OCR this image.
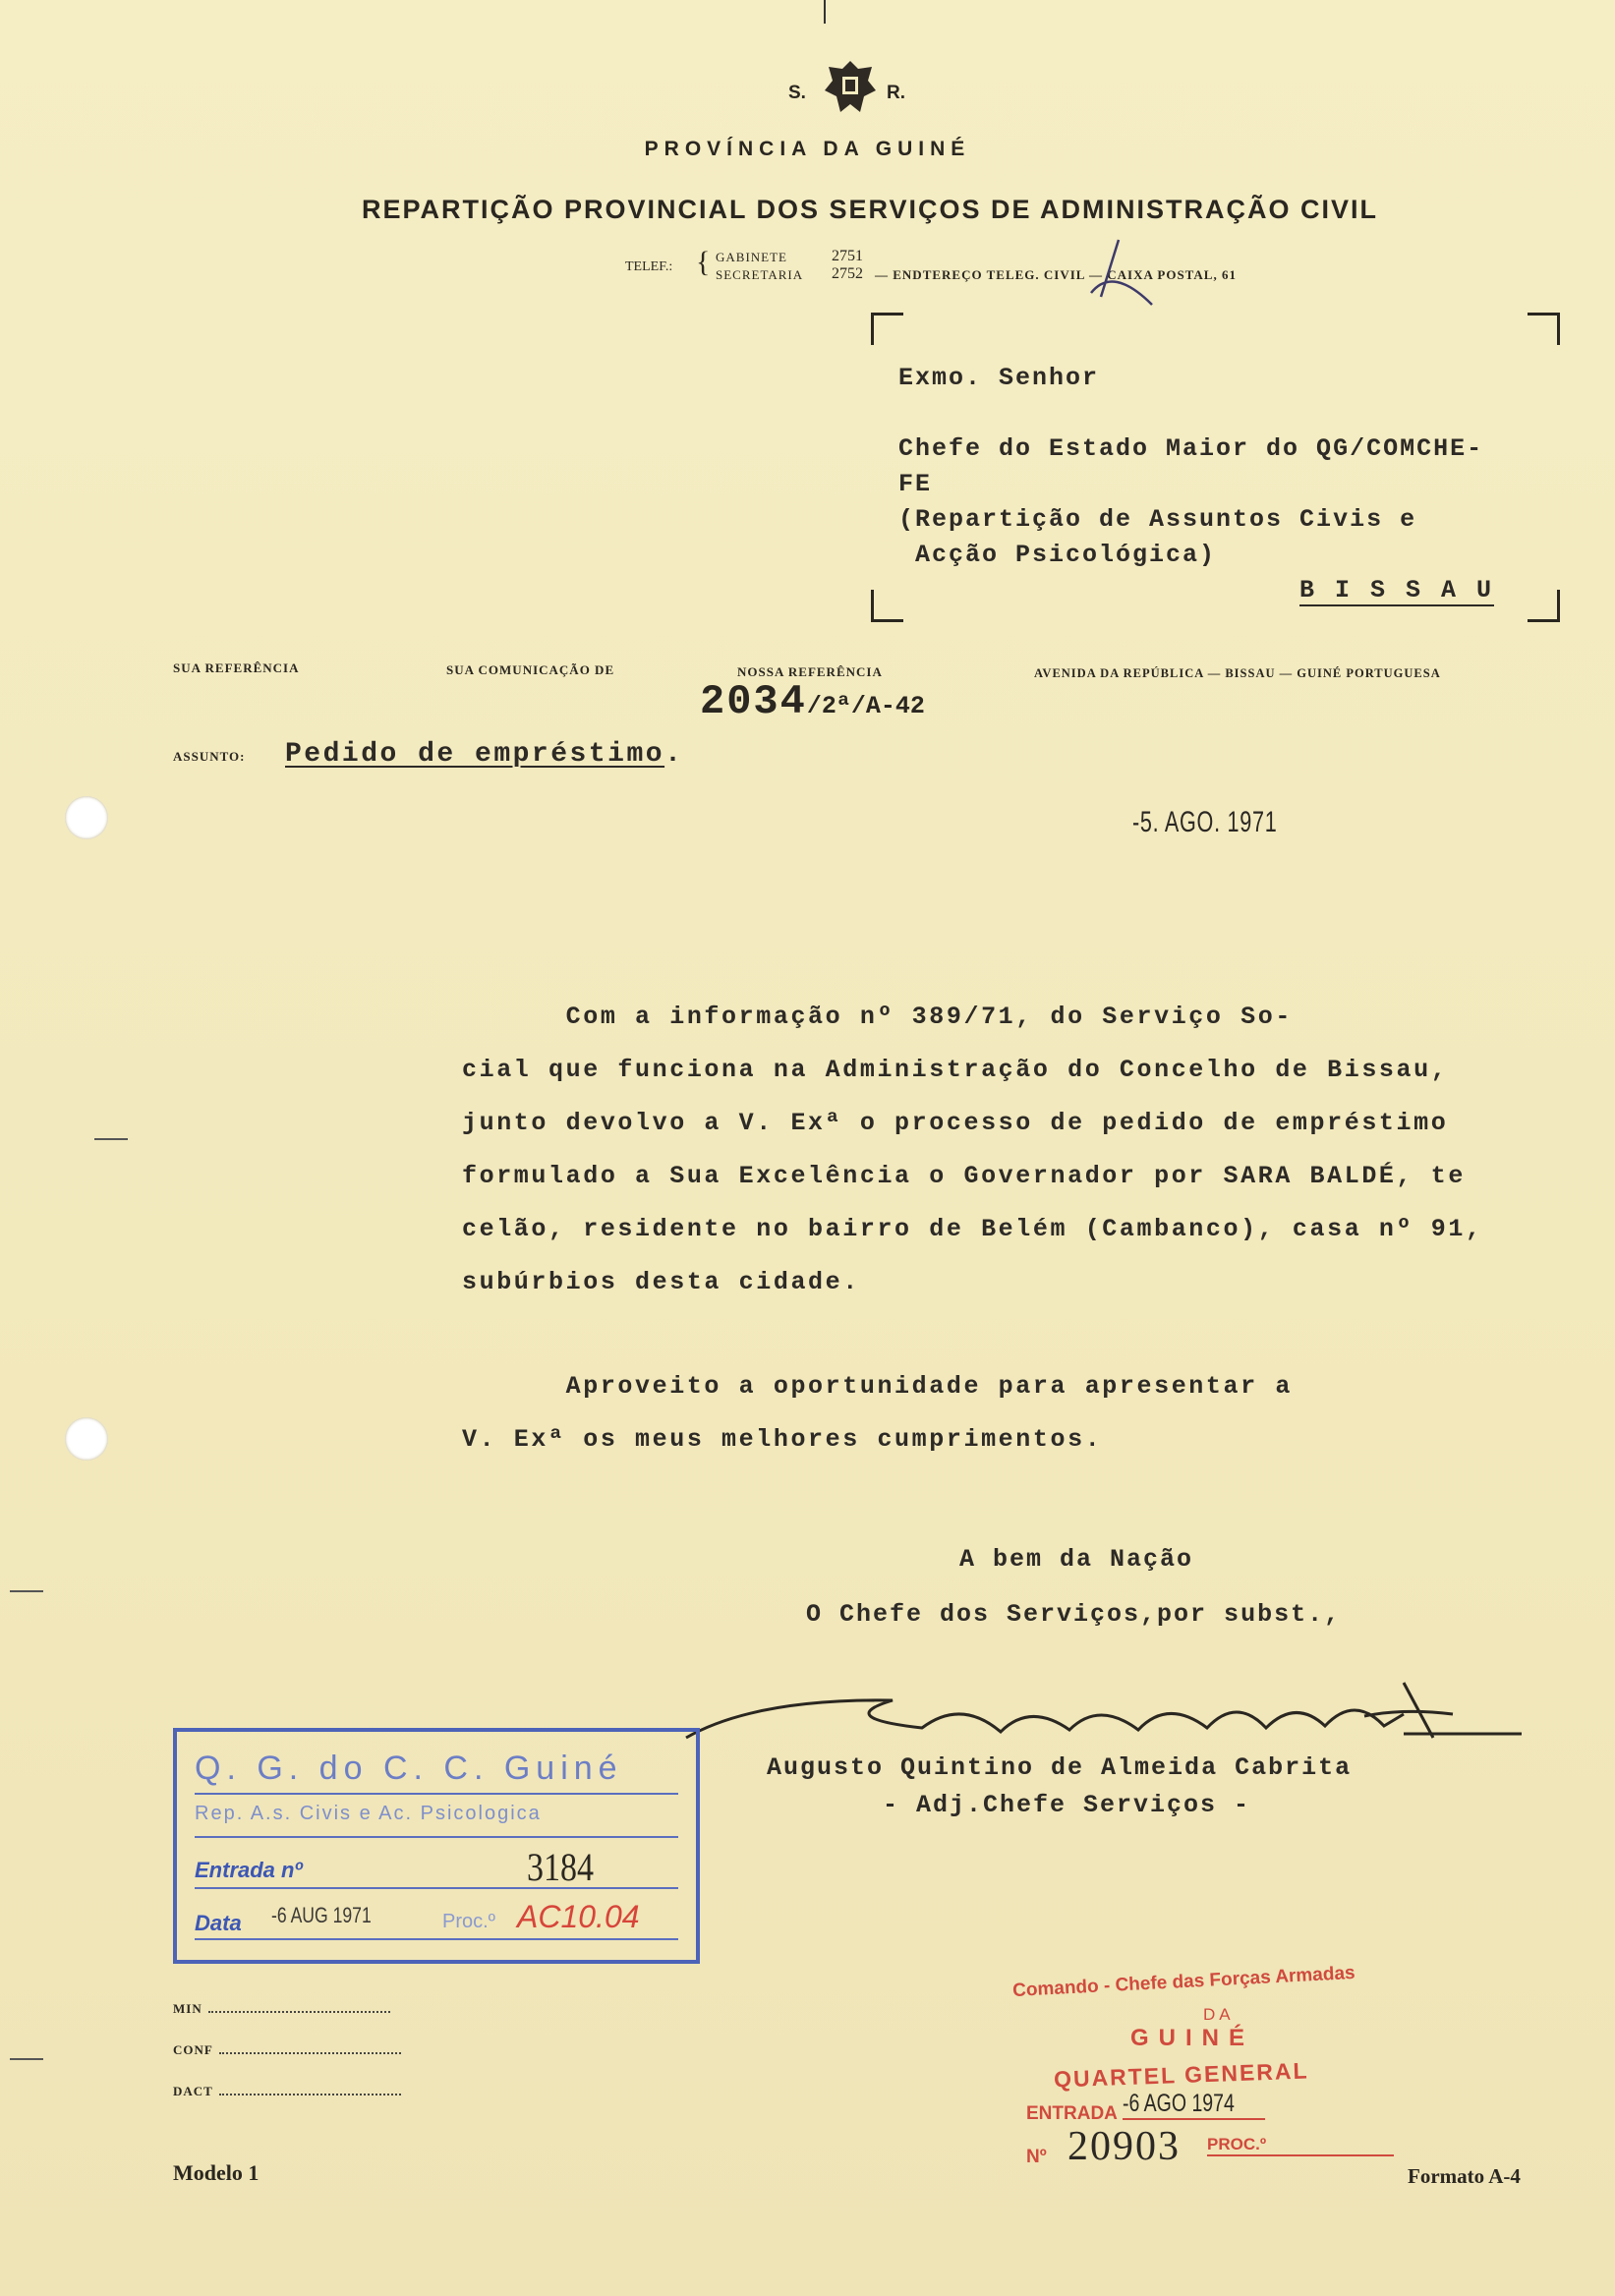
S.	R.
PROVÍNCIA DA GUINÉ
REPARTIÇÃO PROVINCIAL DOS SERVIÇOS DE ADMINISTRAÇÃO CIVIL
TELEF.: { GABINETE	2751
SECRETARIA 2752 — ENDTEREÇO TELEG. CIVIL — CAIXA POSTAL, 61
Exmo. Senhor
Chefe do Estado Maior do QG/COMCHE-
FE
(Repartição de Assuntos Civis e
Acção Psicológica)
B I S S A U
SUA REFERÊNCIA	SUA COMUNICAÇÃO DE	NOSSA REFERÊNCIA	AVENIDA DA REPÚBLICA — BISSAU — GUINÉ PORTUGUESA
2034/2ª/A-42
ASSUNTO: Pedido de empréstimo.
-5. AGO. 1971
Com a informação nº 389/71, do Serviço So-
cial que funciona na Administração do Concelho de Bissau,
junto devolvo a V. Exª o processo de pedido de empréstimo
formulado a Sua Excelência o Governador por SARA BALDÉ, te
celão, residente no bairro de Belém (Cambanco), casa nº 91,
subúrbios desta cidade.
Aproveito a oportunidade para apresentar a
V. Exª os meus melhores cumprimentos.
A bem da Nação
O Chefe dos Serviços,por subst.,
Augusto Quintino de Almeida Cabrita
- Adj.Chefe Serviços -
Q. G. do C. C. Guiné
Rep. A.s. Civis e Ac. Psicologica
Entrada nº	3184
Data -6 AUG 1971	Proc.º AC10.04
MIN
CONF
DACT
Modelo 1	Formato A-4
Comando - Chefe das Forças Armadas
DA
GUINÉ
QUARTEL GENERAL
ENTRADA -6 AGO 1974
Nº 20903 PROC.º
